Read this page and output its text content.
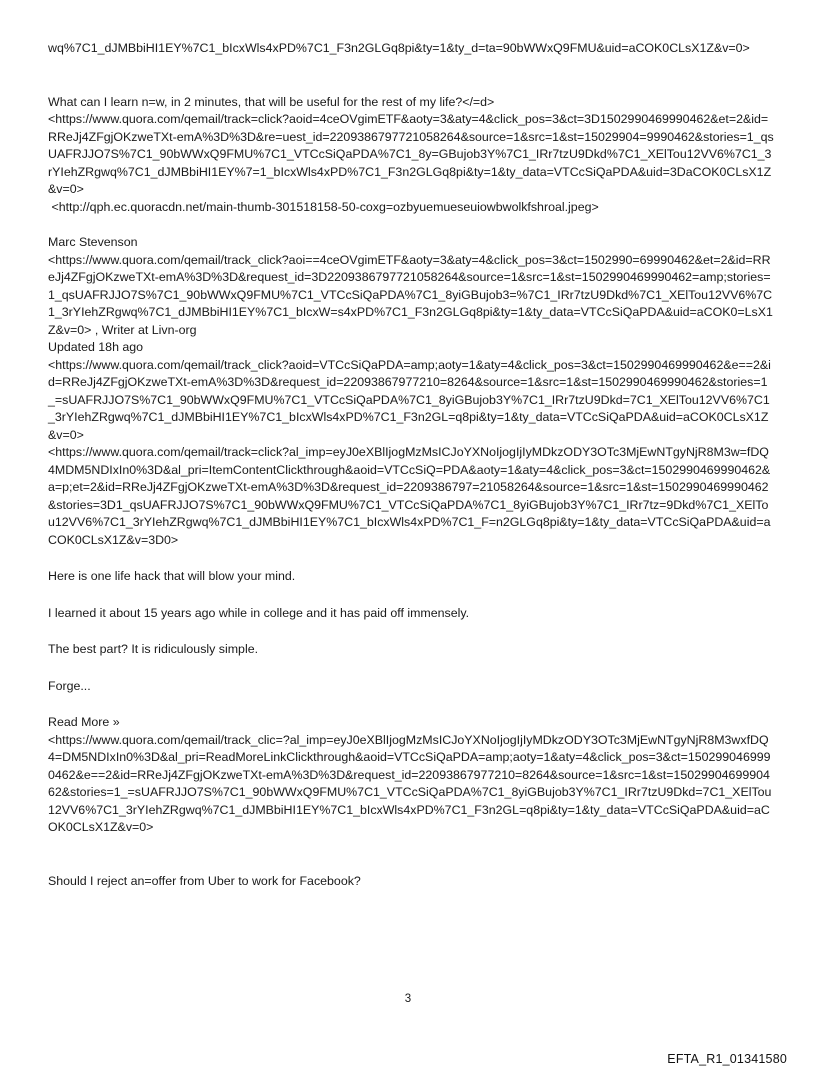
wq%7C1_dJMBbiHI1EY%7C1_bIcxWls4xPD%7C1_F3n2GLGq8pi&ty=1&ty_d=ta=90bWWxQ9FMU&uid=aCOK0CLsX1Z&v=0>

What can I learn n=w, in 2 minutes, that will be useful for the rest of my life?</=d>

<https://www.quora.com/qemail/track=click?aoid=4ceOVgimETF&aoty=3&aty=4&click_pos=3&ct=3D1502990469990462&et=2&id=RReJj4ZFgjOKzweTXt-emA%3D%3D&re=uest_id=2209386797721058264&source=1&src=1&st=15029904=9990462&stories=1_qsUAFRJJO7S%7C1_90bWWxQ9FMU%7C1_VTCcSiQaPDA%7C1_8y=GBujob3Y%7C1_IRr7tzU9Dkd%7C1_XElTou12VV6%7C1_3rYIehZRgwq%7C1_dJMBbiHI1EY%7=1_bIcxWls4xPD%7C1_F3n2GLGq8pi&ty=1&ty_data=VTCcSiQaPDA&uid=3DaCOK0CLsX1Z&v=0>

<http://qph.ec.quoracdn.net/main-thumb-301518158-50-coxg=ozbyuemueseuiowbwolkfshroal.jpeg>

Marc Stevenson

<https://www.quora.com/qemail/track_click?aoi==4ceOVgimETF&aoty=3&aty=4&click_pos=3&ct=1502990=69990462&et=2&id=RReJj4ZFgjOKzweTXt-emA%3D%3D&request_id=3D2209386797721058264&source=1&src=1&st=1502990469990462=amp;stories=1_qsUAFRJJO7S%7C1_90bWWxQ9FMU%7C1_VTCcSiQaPDA%7C1_8yiGBujob3=%7C1_IRr7tzU9Dkd%7C1_XElTou12VV6%7C1_3rYIehZRgwq%7C1_dJMBbiHI1EY%7C1_bIcxW=s4xPD%7C1_F3n2GLGq8pi&ty=1&ty_data=VTCcSiQaPDA&uid=aCOK0=LsX1Z&v=0> , Writer at Livn-org

Updated 18h ago

<https://www.quora.com/qemail/track_click?aoid=VTCcSiQaPDA=amp;aoty=1&aty=4&click_pos=3&ct=1502990469990462&e==2&id=RReJj4ZFgjOKzweTXt-emA%3D%3D&request_id=22093867977210=8264&source=1&src=1&st=1502990469990462&stories=1_=sUAFRJJO7S%7C1_90bWWxQ9FMU%7C1_VTCcSiQaPDA%7C1_8yiGBujob3Y%7C1_IRr7tzU9Dkd=7C1_XElTou12VV6%7C1_3rYIehZRgwq%7C1_dJMBbiHI1EY%7C1_bIcxWls4xPD%7C1_F3n2GL=q8pi&ty=1&ty_data=VTCcSiQaPDA&uid=aCOK0CLsX1Z&v=0>

<https://www.quora.com/qemail/track=click?al_imp=eyJ0eXBlIjogMzMsICJoYXNoIjogIjIyMDkzODY3OTc3MjEwNTgyNjR8M3w=fDQ4MDM5NDIxIn0%3D&al_pri=ItemContentClickthrough&aoid=VTCcSiQ=PDA&aoty=1&aty=4&click_pos=3&ct=1502990469990462&a=p;et=2&id=RReJj4ZFgjOKzweTXt-emA%3D%3D&request_id=2209386797=21058264&source=1&src=1&st=1502990469990462&stories=3D1_qsUAFRJJO7S%7C1_90bWWxQ9FMU%7C1_VTCcSiQaPDA%7C1_8yiGBujob3Y%7C1_IRr7tz=9Dkd%7C1_XElTou12VV6%7C1_3rYIehZRgwq%7C1_dJMBbiHI1EY%7C1_bIcxWls4xPD%7C1_F=n2GLGq8pi&ty=1&ty_data=VTCcSiQaPDA&uid=aCOK0CLsX1Z&v=3D0>

Here is one life hack that will blow your mind.

I learned it about 15 years ago while in college and it has paid off immensely.

The best part? It is ridiculously simple.

Forge...

Read More »

<https://www.quora.com/qemail/track_clic=?al_imp=eyJ0eXBlIjogMzMsICJoYXNoIjogIjIyMDkzODY3OTc3MjEwNTgyNjR8M3wxfDQ4=DM5NDIxIn0%3D&al_pri=ReadMoreLinkClickthrough&aoid=VTCcSiQaPDA=amp;aoty=1&aty=4&click_pos=3&ct=1502990469990462&e==2&id=RReJj4ZFgjOKzweTXt-emA%3D%3D&request_id=22093867977210=8264&source=1&src=1&st=1502990469990462&stories=1_=sUAFRJJO7S%7C1_90bWWxQ9FMU%7C1_VTCcSiQaPDA%7C1_8yiGBujob3Y%7C1_IRr7tzU9Dkd=7C1_XElTou12VV6%7C1_3rYIehZRgwq%7C1_dJMBbiHI1EY%7C1_bIcxWls4xPD%7C1_F3n2GL=q8pi&ty=1&ty_data=VTCcSiQaPDA&uid=aCOK0CLsX1Z&v=0>

Should I reject an=offer from Uber to work for Facebook?

3
EFTA_R1_01341580
